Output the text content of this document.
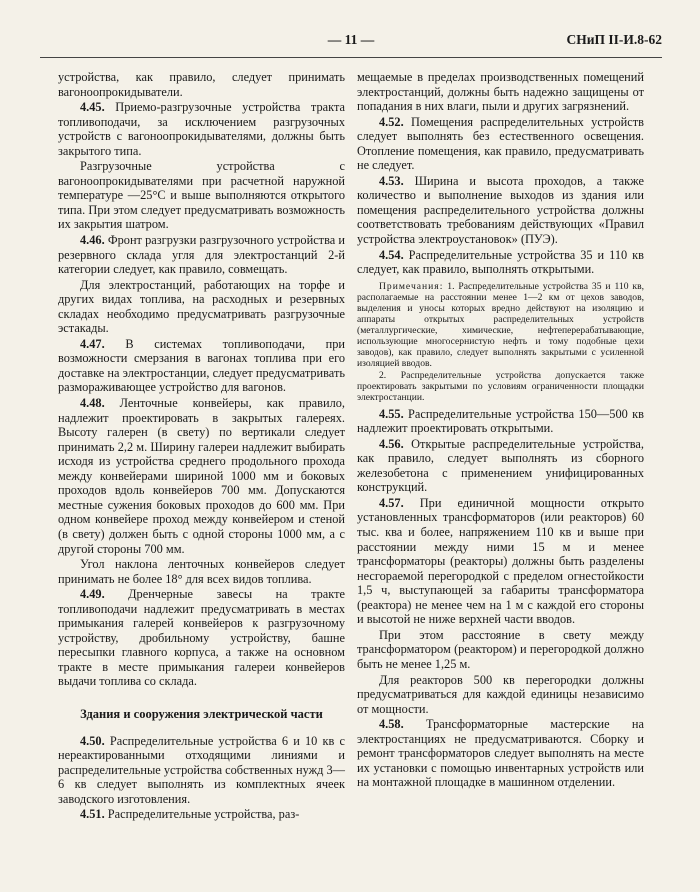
— 11 —	СНиП II-И.8-62

устройства, как правило, следует принимать вагоноопрокидыватели.

4.45. Приемо-разгрузочные устройства тракта топливоподачи, за исключением разгрузочных устройств с вагоноопрокидывателями, должны быть закрытого типа.

Разгрузочные устройства с вагоноопрокидывателями при расчетной наружной температуре —25°С и выше выполняются открытого типа. При этом следует предусматривать возможность их закрытия шатром.

4.46. Фронт разгрузки разгрузочного устройства и резервного склада угля для электростанций 2-й категории следует, как правило, совмещать.

Для электростанций, работающих на торфе и других видах топлива, на расходных и резервных складах необходимо предусматривать разгрузочные эстакады.

4.47. В системах топливоподачи, при возможности смерзания в вагонах топлива при его доставке на электростанции, следует предусматривать размораживающее устройство для вагонов.

4.48. Ленточные конвейеры, как правило, надлежит проектировать в закрытых галереях. Высоту галерен (в свету) по вертикали следует принимать 2,2 м. Ширину галереи надлежит выбирать исходя из устройства среднего продольного прохода между конвейерами шириной 1000 мм и боковых проходов вдоль конвейеров 700 мм. Допускаются местные сужения боковых проходов до 600 мм. При одном конвейере проход между конвейером и стеной (в свету) должен быть с одной стороны 1000 мм, а с другой стороны 700 мм.

Угол наклона ленточных конвейеров следует принимать не более 18° для всех видов топлива.

4.49. Дренчерные завесы на тракте топливоподачи надлежит предусматривать в местах примыкания галерей конвейеров к разгрузочному устройству, дробильному устройству, башне пересыпки главного корпуса, а также на основном тракте в месте примыкания галереи конвейеров выдачи топлива со склада.

Здания и сооружения электрической части

4.50. Распределительные устройства 6 и 10 кв с нереактированными отходящими линиями и распределительные устройства собственных нужд 3—6 кв следует выполнять из комплектных ячеек заводского изготовления.

4.51. Распределительные устройства, раз-

мещаемые в пределах производственных помещений электростанций, должны быть надежно защищены от попадания в них влаги, пыли и других загрязнений.

4.52. Помещения распределительных устройств следует выполнять без естественного освещения. Отопление помещения, как правило, предусматривать не следует.

4.53. Ширина и высота проходов, а также количество и выполнение выходов из здания или помещения распределительного устройства должны соответствовать требованиям действующих «Правил устройства электроустановок» (ПУЭ).

4.54. Распределительные устройства 35 и 110 кв следует, как правило, выполнять открытыми.

Примечания: 1. Распределительные устройства 35 и 110 кв, располагаемые на расстоянии менее 1—2 км от цехов заводов, выделения и уносы которых вредно действуют на изоляцию и аппараты открытых распределительных устройств (металлургические, химические, нефтеперерабатывающие, использующие многосернистую нефть и тому подобные цехи заводов), как правило, следует выполнять закрытыми с усиленной изоляцией вводов.

2. Распределительные устройства допускается также проектировать закрытыми по условиям ограниченности площадки электростанции.

4.55. Распределительные устройства 150—500 кв надлежит проектировать открытыми.

4.56. Открытые распределительные устройства, как правило, следует выполнять из сборного железобетона с применением унифицированных конструкций.

4.57. При единичной мощности открыто установленных трансформаторов (или реакторов) 60 тыс. ква и более, напряжением 110 кв и выше при расстоянии между ними 15 м и менее трансформаторы (реакторы) должны быть разделены несгораемой перегородкой с пределом огнестойкости 1,5 ч, выступающей за габариты трансформатора (реактора) не менее чем на 1 м с каждой его стороны и высотой не ниже верхней части вводов.

При этом расстояние в свету между трансформатором (реактором) и перегородкой должно быть не менее 1,25 м.

Для реакторов 500 кв перегородки должны предусматриваться для каждой единицы независимо от мощности.

4.58. Трансформаторные мастерские на электростанциях не предусматриваются. Сборку и ремонт трансформаторов следует выполнять на месте их установки с помощью инвентарных устройств или на монтажной площадке в машинном отделении.
